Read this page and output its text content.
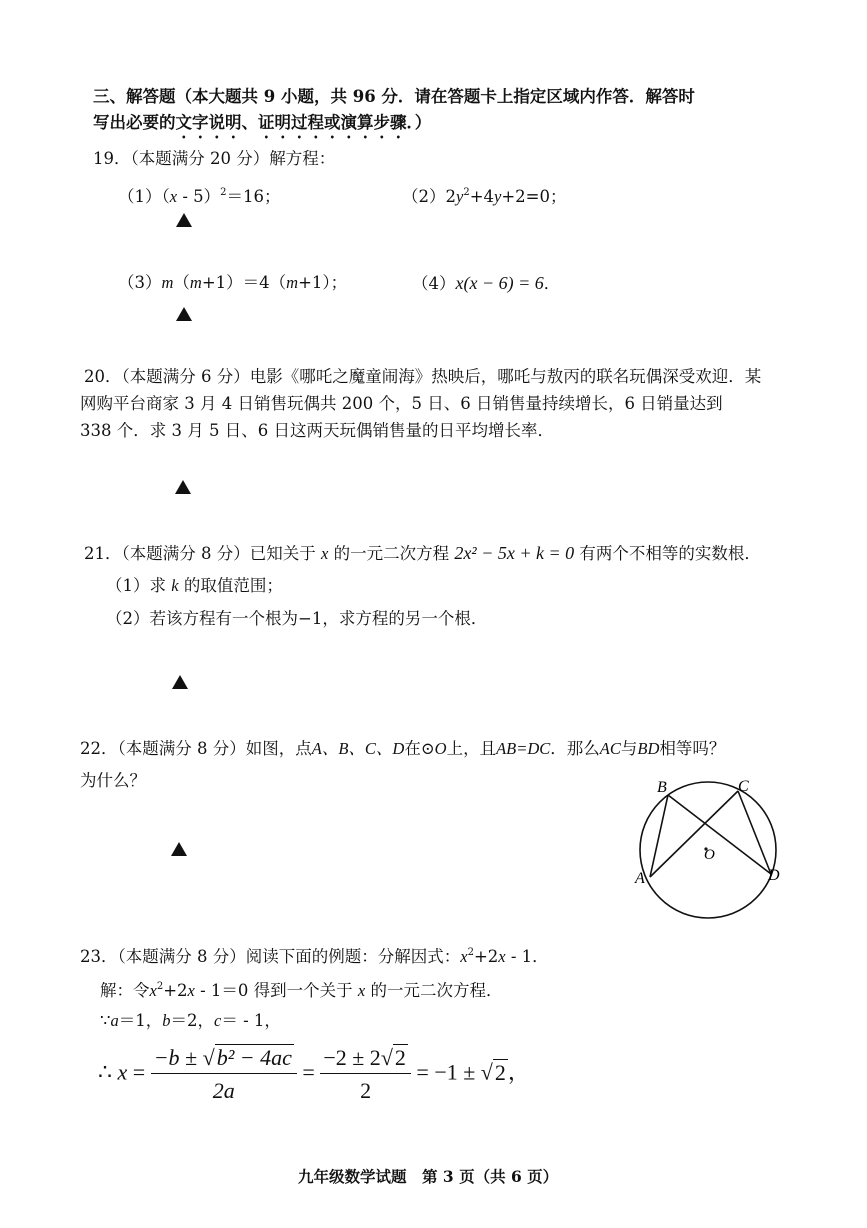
三、解答题（本大题共 9 小题，共 96 分．请在答题卡上指定区域内作答．解答时
写出必要的文字说明、证明过程或演算步骤．）
19．（本题满分 20 分）解方程：
（1）（x - 5）$^2$＝16；	$(2)2y^2+4y+2=0$；
（3）m（m+1）＝4（m+1）；	（4）x(x − 6) = 6．
20．（本题满分 6 分）电影《哪吒之魔童闹海》热映后，哪吒与敖丙的联名玩偶深受欢迎．某
网购平台商家 3 月 4 日销售玩偶共 200 个，5 日、6 日销售量持续增长，6 日销量达到
338 个．求 3 月 5 日、6 日这两天玩偶销售量的日平均增长率．
21．（本题满分 8 分）已知关于 x 的一元二次方程 2x² − 5x + k = 0 有两个不相等的实数根．
（1）求 k 的取值范围；
（2）若该方程有一个根为−1，求方程的另一个根．
22．（本题满分 8 分）如图，点A、B、C、D在⊙O上，且AB=DC．那么AC与BD相等吗？
为什么？	B	C
A	D
O
23．（本题满分 8 分）阅读下面的例题：分解因式：$x^2+2x - 1$．
解：令$x^2+2x - 1=0$ 得到一个关于 x 的一元二次方程．
∵a＝1，b＝2，c＝ - 1，
∴ $x = \frac{\text{−b ± √b² − 4ac}}{2a} = \frac{-2 \pm 2√2}{2} = -1 \pm √2$，
九年级数学试题　第 3 页（共 6 页）
